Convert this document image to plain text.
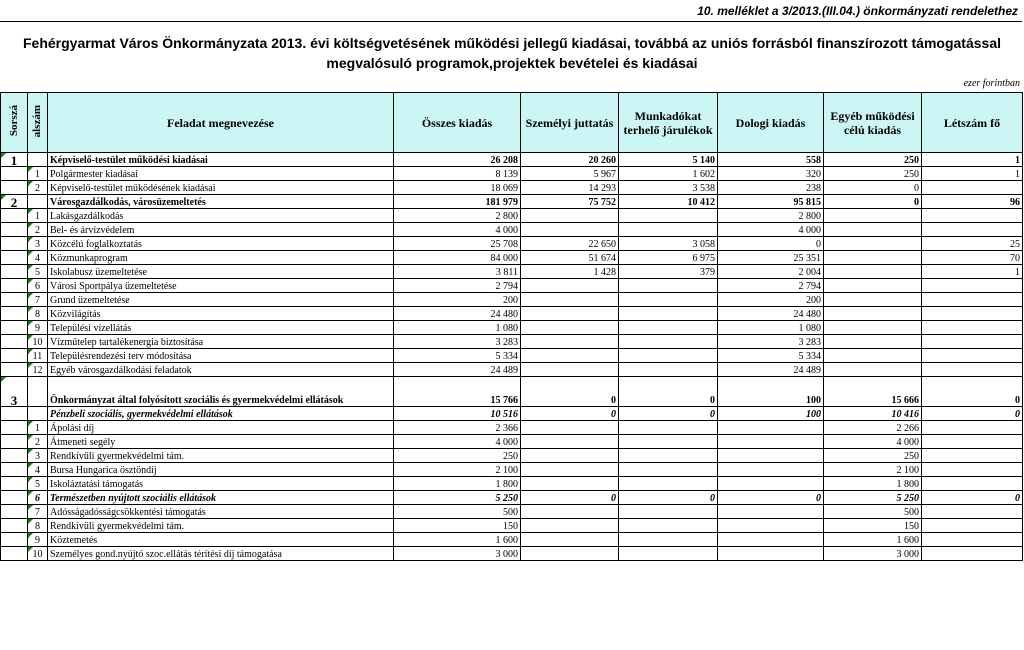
10. melléklet a 3/2013.(III.04.) önkormányzati rendelethez
Fehérgyarmat Város Önkormányzata 2013. évi költségvetésének működési jellegű kiadásai, továbbá az uniós forrásból finanszírozott támogatással
megvalósuló programok,projektek bevételei és kiadásai
ezer forintban
Sorszá	alszám	Feladat megnevezése	Összes kiadás	Személyi juttatás	Munkadókat terhelő járulékok	Dologi kiadás	Egyéb működési célú kiadás	Létszám fő
1		Képviselő-testület működési kiadásai	26 208	20 260	5 140	558	250	1
	1	Polgármester kiadásai	8 139	5 967	1 602	320	250	1
	2	Képviselő-testület működésének kiadásai	18 069	14 293	3 538	238	0	
2		Városgazdálkodás, városüzemeltetés	181 979	75 752	10 412	95 815	0	96
	1	Lakásgazdálkodás	2 800			2 800		
	2	Bel- és árvízvédelem	4 000			4 000		
	3	Közcélú foglalkoztatás	25 708	22 650	3 058	0		25
	4	Közmunkaprogram	84 000	51 674	6 975	25 351		70
	5	Iskolabusz üzemeltetése	3 811	1 428	379	2 004		1
	6	Városi Sportpálya üzemeltetése	2 794			2 794		
	7	Grund üzemeltetése	200			200		
	8	Közvilágítás	24 480			24 480		
	9	Települési vízellátás	1 080			1 080		
	10	Vízműtelep tartalékenergia biztosítása	3 283			3 283		
	11	Településrendezési terv módosítása	5 334			5 334		
	12	Egyéb városgazdálkodási feladatok	24 489			24 489		
3		Önkormányzat által folyósított szociális és gyermekvédelmi ellátások	15 766	0	0	100	15 666	0
		Pénzbeli szociális, gyermekvédelmi ellátások	10 516	0	0	100	10 416	0
	1	Ápolási díj	2 366				2 266	
	2	Átmeneti segély	4 000				4 000	
	3	Rendkívüli gyermekvédelmi tám.	250				250	
	4	Bursa Hungarica ösztöndíj	2 100				2 100	
	5	Iskoláztatási támogatás	1 800				1 800	
	6	Természetben nyújtott szociális ellátások	5 250	0	0	0	5 250	0
	7	Adósságadósságcsökkentési támogatás	500				500	
	8	Rendkívüli gyermekvédelmi tám.	150				150	
	9	Köztemetés	1 600				1 600	
	10	Személyes gond.nyújtó szoc.ellátás térítési díj támogatása	3 000				3 000	
